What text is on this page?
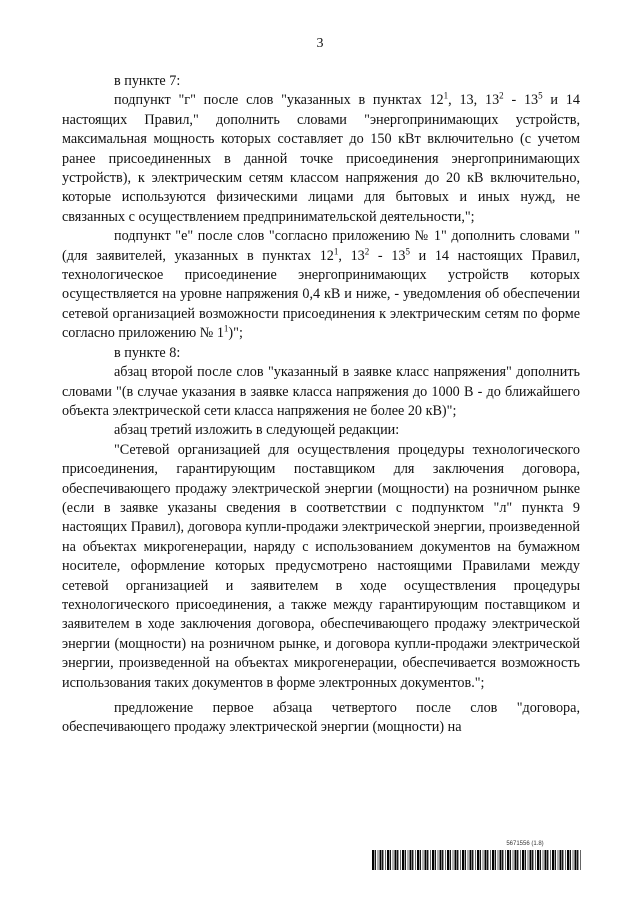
3

в пункте 7:

подпункт "г" после слов "указанных в пунктах $12^1$, 13, $13^2 - 13^5$ и 14 настоящих Правил," дополнить словами "энергопринимающих устройств, максимальная мощность которых составляет до 150 кВт включительно (с учетом ранее присоединенных в данной точке присоединения энергопринимающих устройств), к электрическим сетям классом напряжения до 20 кВ включительно, которые используются физическими лицами для бытовых и иных нужд, не связанных с осуществлением предпринимательской деятельности,";

подпункт "е" после слов "согласно приложению № 1" дополнить словами "(для заявителей, указанных в пунктах $12^1$, $13^2 - 13^5$ и 14 настоящих Правил, технологическое присоединение энергопринимающих устройств которых осуществляется на уровне напряжения 0,4 кВ и ниже, - уведомления об обеспечении сетевой организацией возможности присоединения к электрическим сетям по форме согласно приложению № $1^1$)";

в пункте 8:

абзац второй после слов "указанный в заявке класс напряжения" дополнить словами "(в случае указания в заявке класса напряжения до 1000 В - до ближайшего объекта электрической сети класса напряжения не более 20 кВ)";

абзац третий изложить в следующей редакции:

"Сетевой организацией для осуществления процедуры технологического присоединения, гарантирующим поставщиком для заключения договора, обеспечивающего продажу электрической энергии (мощности) на розничном рынке (если в заявке указаны сведения в соответствии с подпунктом "л" пункта 9 настоящих Правил), договора купли-продажи электрической энергии, произведенной на объектах микрогенерации, наряду с использованием документов на бумажном носителе, оформление которых предусмотрено настоящими Правилами между сетевой организацией и заявителем в ходе осуществления процедуры технологического присоединения, а также между гарантирующим поставщиком и заявителем в ходе заключения договора, обеспечивающего продажу электрической энергии (мощности) на розничном рынке, и договора купли-продажи электрической энергии, произведенной на объектах микрогенерации, обеспечивается возможность использования таких документов в форме электронных документов.";

предложение первое абзаца четвертого после слов "договора, обеспечивающего продажу электрической энергии (мощности) на

5671556 (1.8)
